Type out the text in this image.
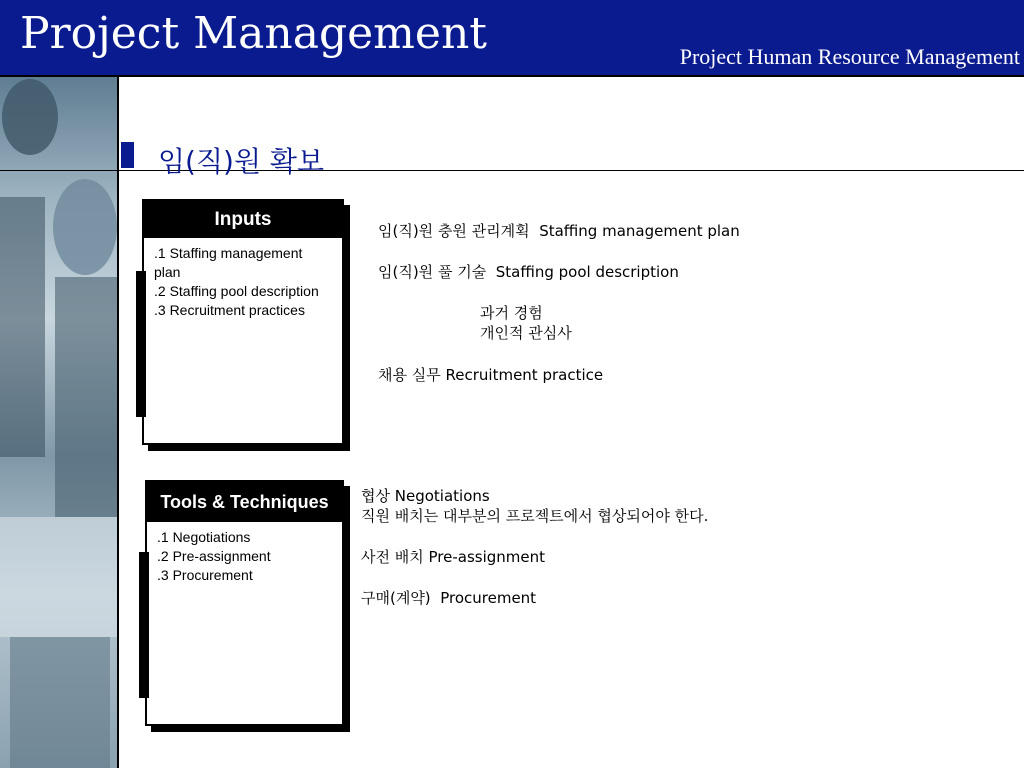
Project Management	Project Human Resource Management
임(직)원 확보
Inputs
.1 Staffing management plan
.2 Staffing pool description
.3 Recruitment practices
Tools & Techniques
.1 Negotiations
.2 Pre-assignment
.3 Procurement
임(직)원 충원 관리계획 Staffing management plan
임(직)원 풀 기술 Staffing pool description
과거 경험
개인적 관심사
채용 실무 Recruitment practice
협상 Negotiations
직원 배치는 대부분의 프로젝트에서 협상되어야 한다.
사전 배치 Pre-assignment
구매(계약) Procurement
